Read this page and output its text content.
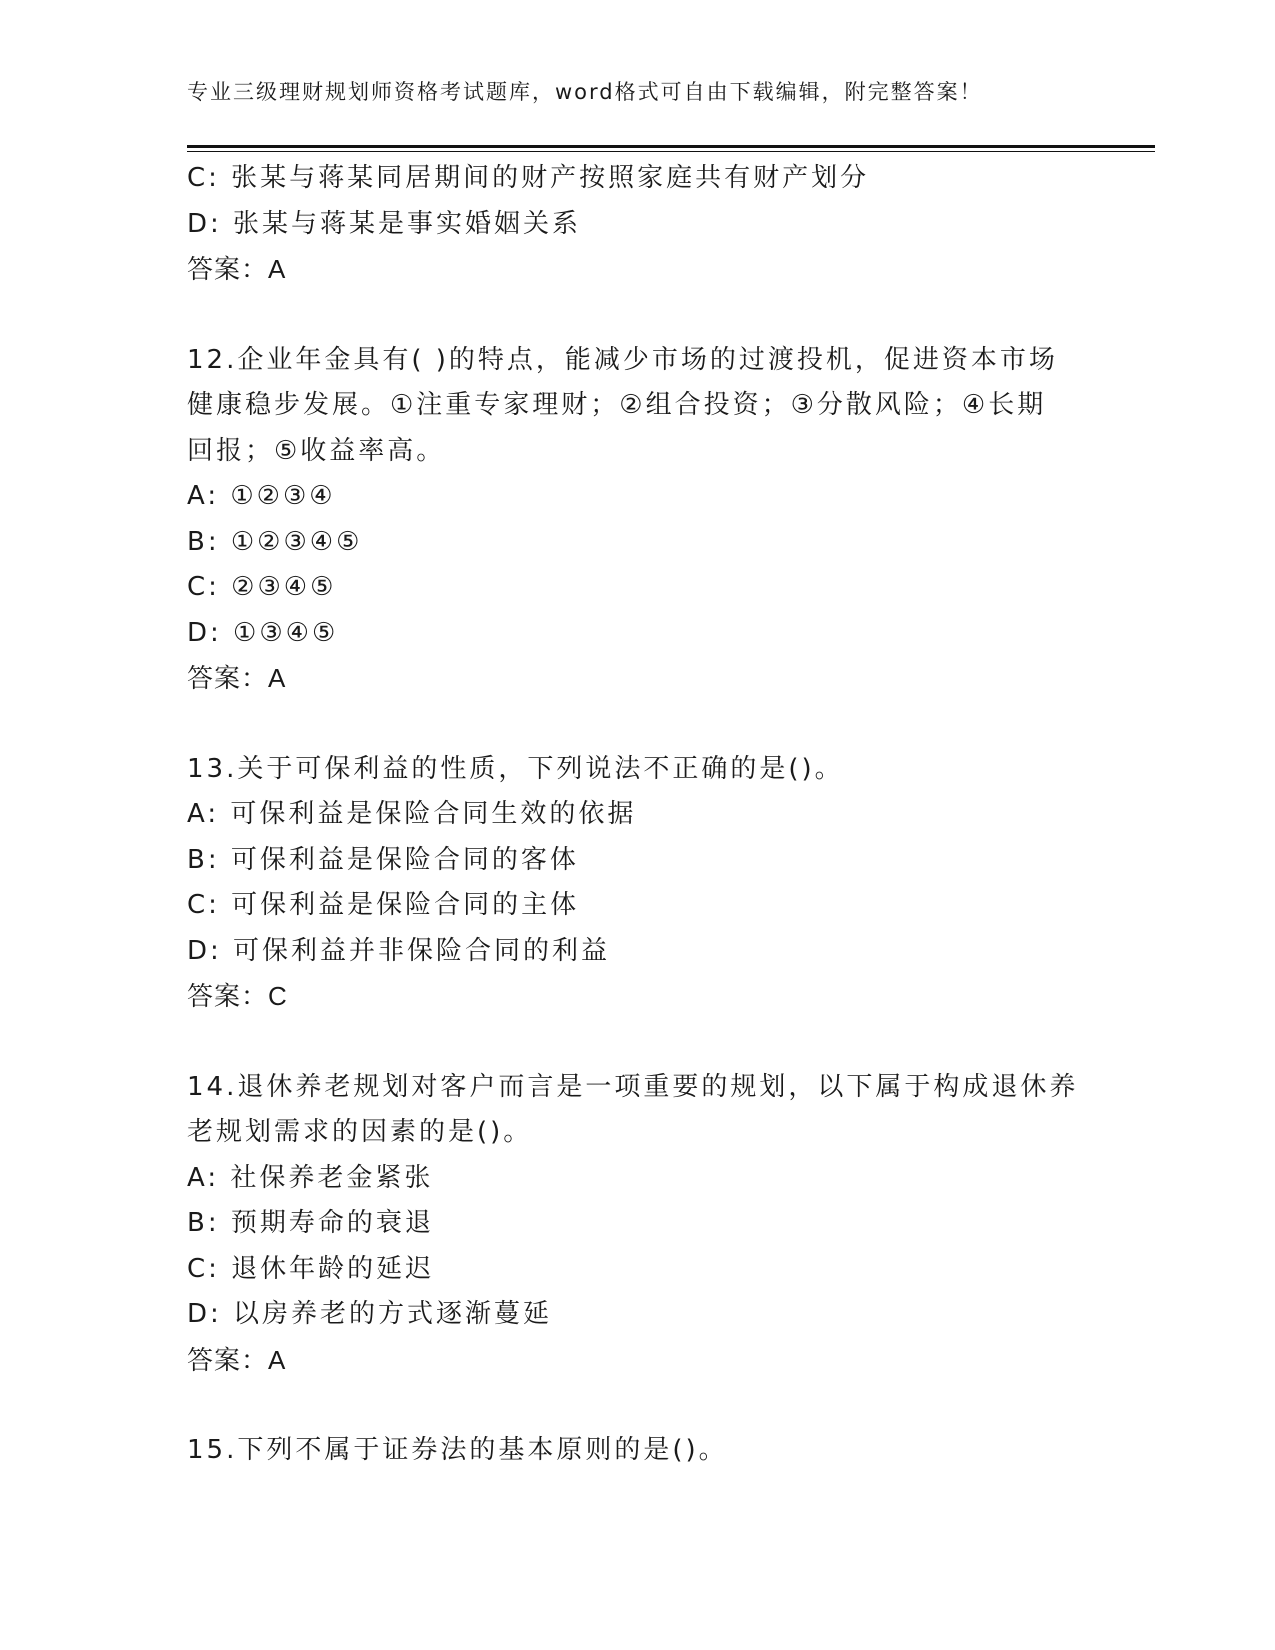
专业三级理财规划师资格考试题库，word格式可自由下载编辑，附完整答案！
C: 张某与蒋某同居期间的财产按照家庭共有财产划分
D: 张某与蒋某是事实婚姻关系
答案：A
12.企业年金具有( )的特点，能减少市场的过渡投机，促进资本市场
健康稳步发展。①注重专家理财；②组合投资；③分散风险；④长期
回报；⑤收益率高。
A: ①②③④
B: ①②③④⑤
C: ②③④⑤
D: ①③④⑤
答案：A
13.关于可保利益的性质，下列说法不正确的是()。
A: 可保利益是保险合同生效的依据
B: 可保利益是保险合同的客体
C: 可保利益是保险合同的主体
D: 可保利益并非保险合同的利益
答案：C
14.退休养老规划对客户而言是一项重要的规划，以下属于构成退休养
老规划需求的因素的是()。
A: 社保养老金紧张
B: 预期寿命的衰退
C: 退休年龄的延迟
D: 以房养老的方式逐渐蔓延
答案：A
15.下列不属于证券法的基本原则的是()。
